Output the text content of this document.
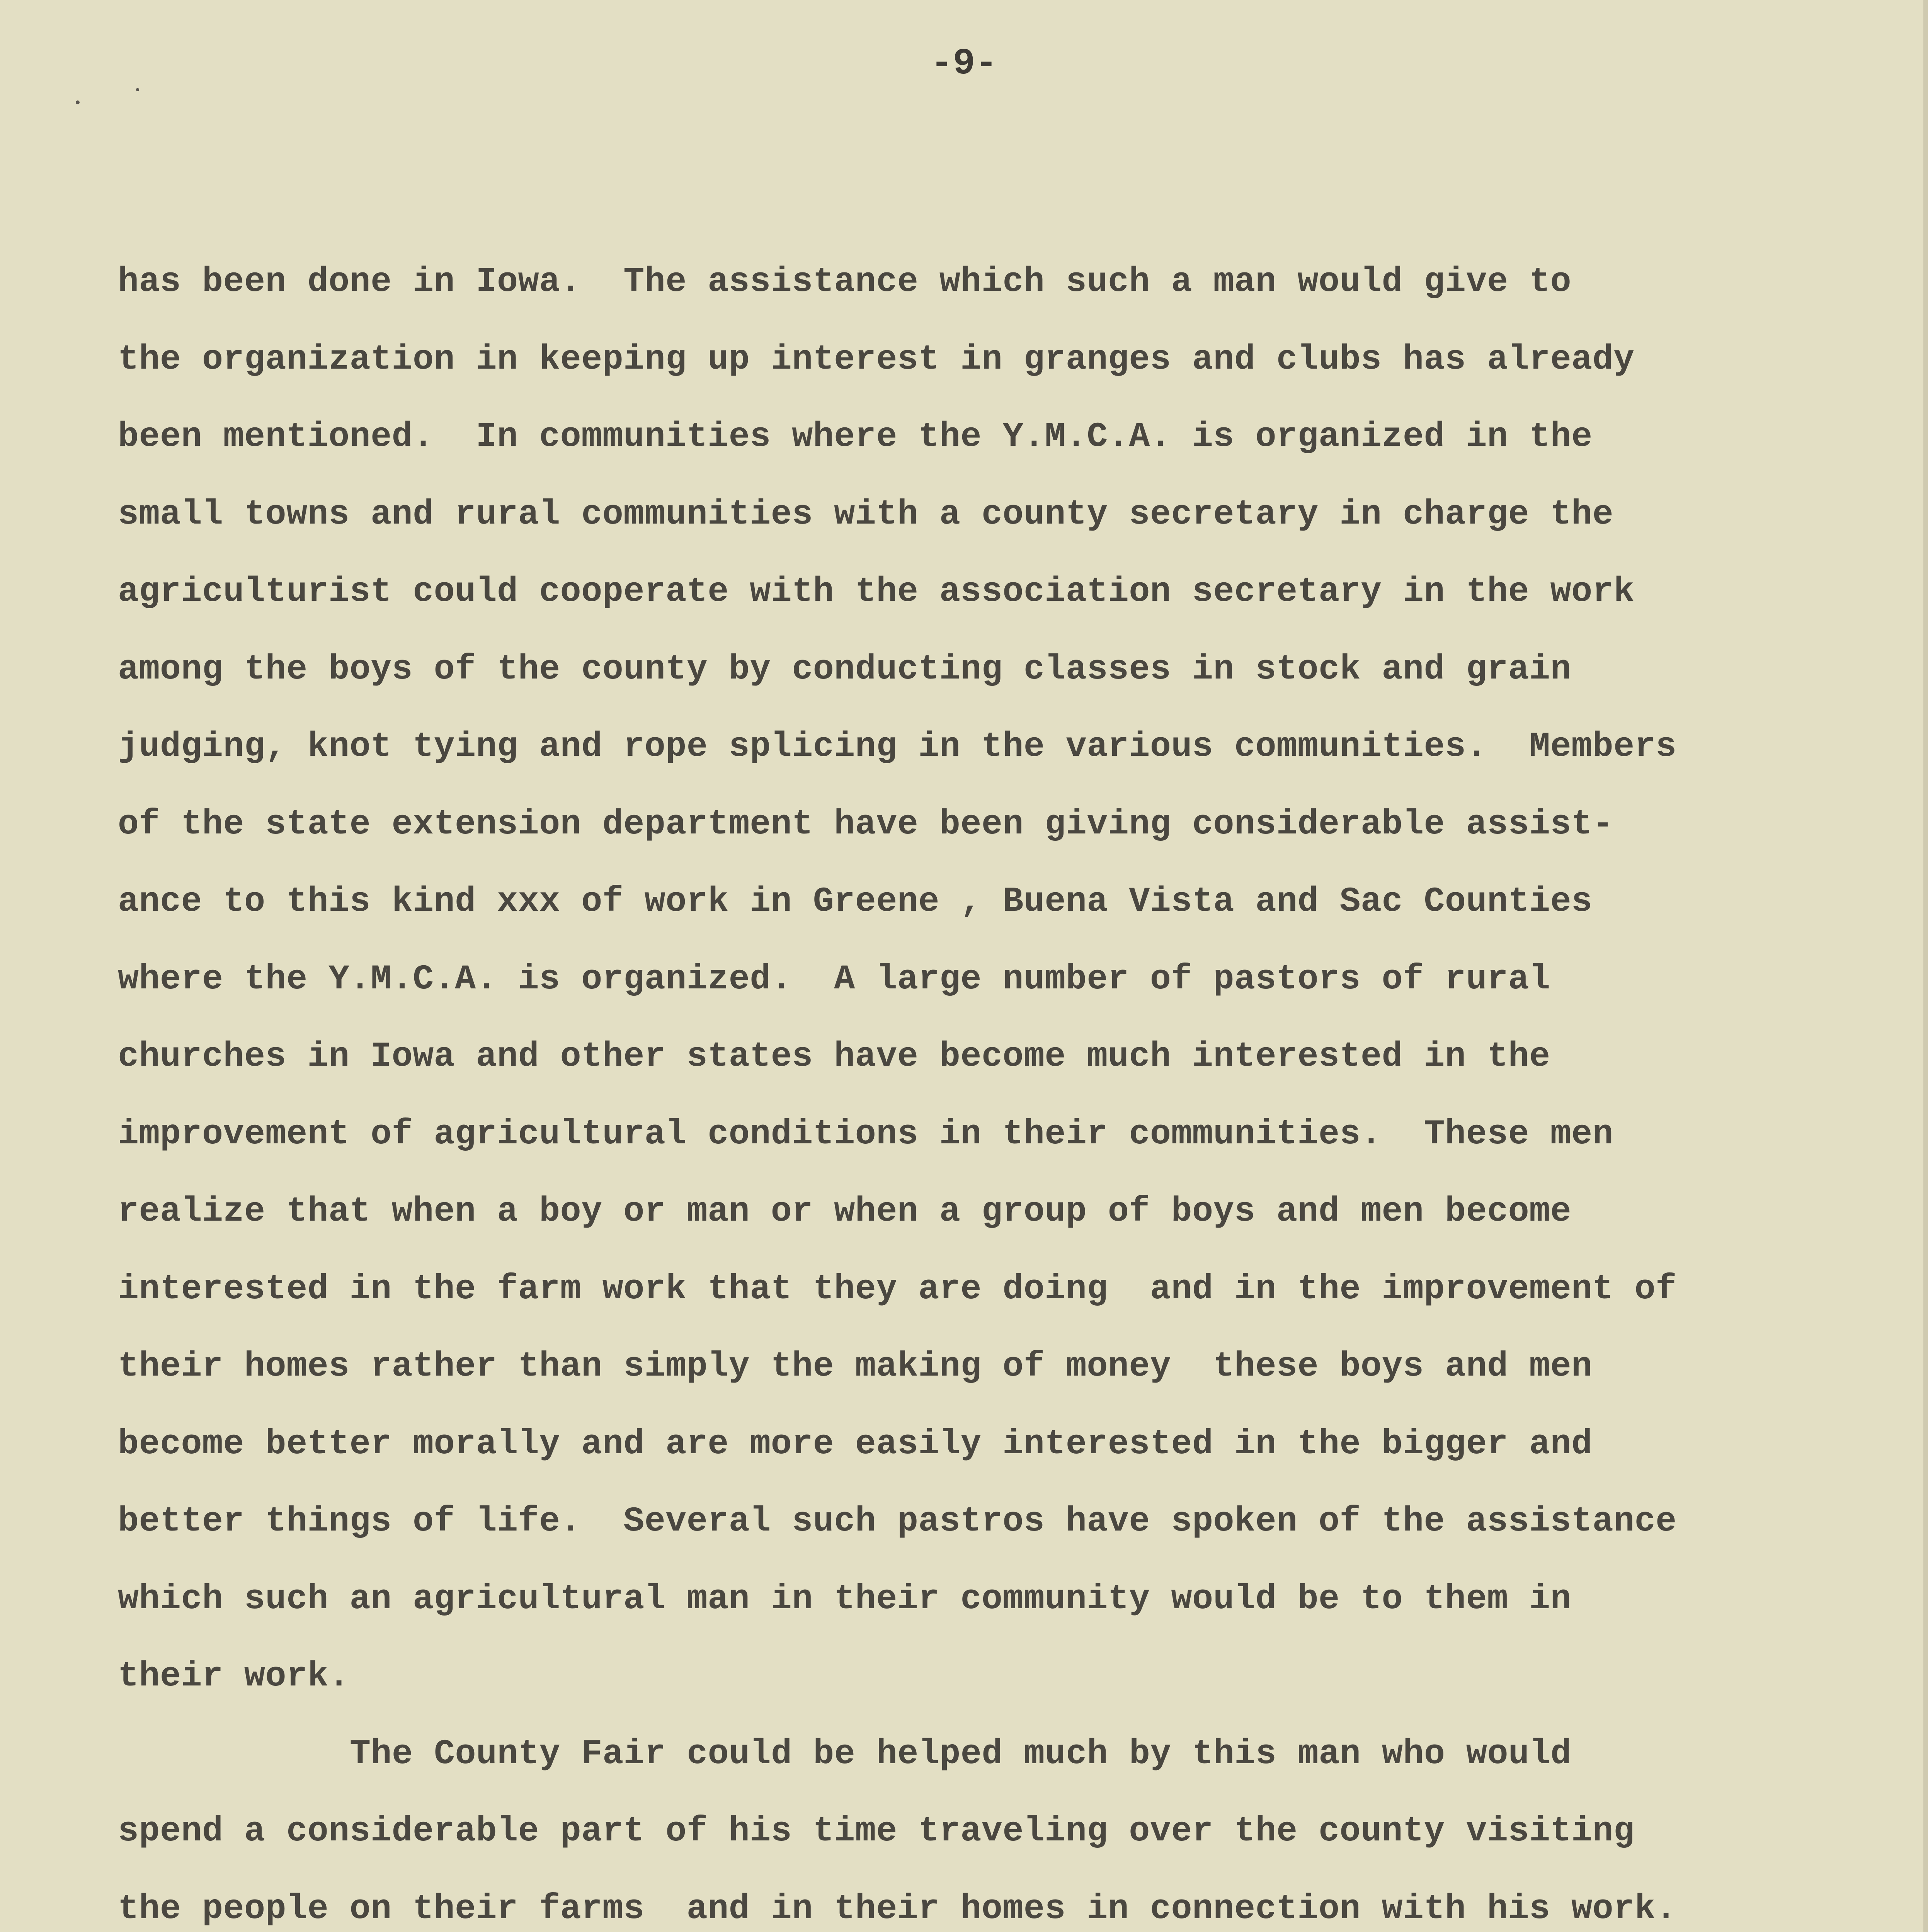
-9-
has been done in Iowa.  The assistance which such a man would give to
the organization in keeping up interest in granges and clubs has already
been mentioned.  In communities where the Y.M.C.A. is organized in the
small towns and rural communities with a county secretary in charge the
agriculturist could cooperate with the association secretary in the work
among the boys of the county by conducting classes in stock and grain
judging, knot tying and rope splicing in the various communities.  Members
of the state extension department have been giving considerable assist-
ance to this kind xxx of work in Greene , Buena Vista and Sac Counties
where the Y.M.C.A. is organized.  A large number of pastors of rural
churches in Iowa and other states have become much interested in the
improvement of agricultural conditions in their communities.  These men
realize that when a boy or man or when a group of boys and men become
interested in the farm work that they are doing  and in the improvement of
their homes rather than simply the making of money  these boys and men
become better morally and are more easily interested in the bigger and
better things of life.  Several such pastros have spoken of the assistance
which such an agricultural man in their community would be to them in
their work.
The County Fair could be helped much by this man who would
spend a considerable part of his time traveling over the county visiting
the people on their farms  and in their homes in connection with his work.
